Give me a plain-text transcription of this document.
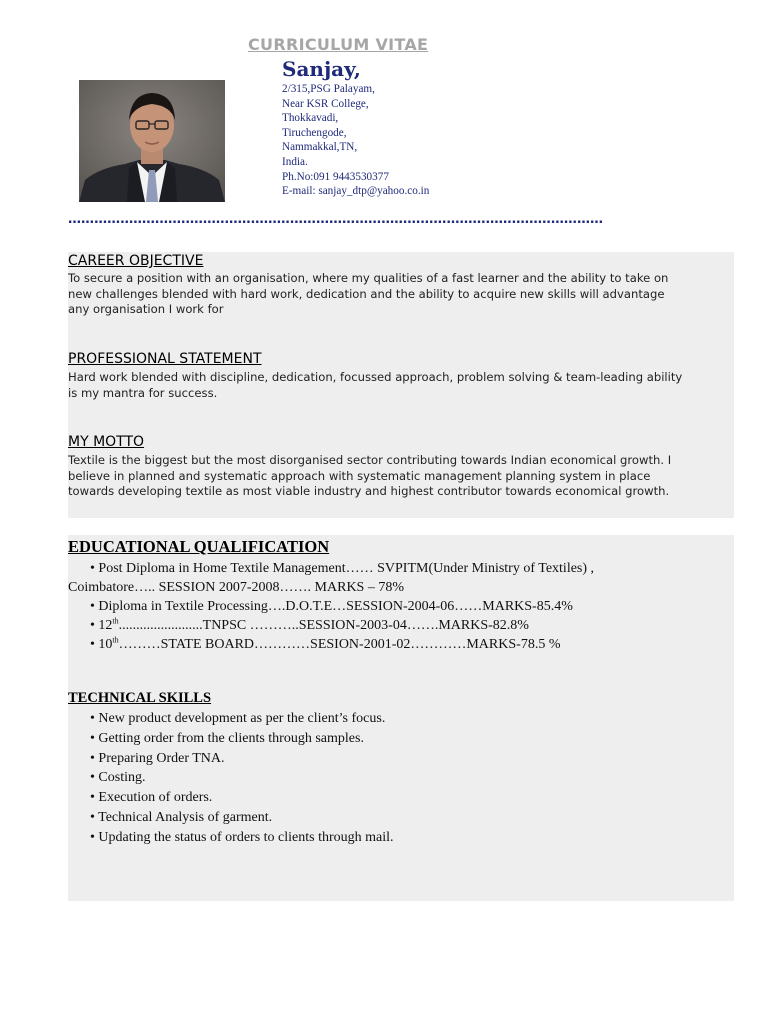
CURRICULUM VITAE
Sanjay,
2/315,PSG Palayam,
Near KSR College,
Thokkavadi,
Tiruchengode,
Nammakkal,TN,
India.
Ph.No:091 9443530377
E-mail: sanjay_dtp@yahoo.co.in
……………………………………………………………………………………………………………
CAREER OBJECTIVE
To secure a position with an organisation, where my qualities of a fast learner and the ability to take on
new challenges blended with hard work, dedication and the ability to acquire new skills will advantage
any organisation I work for
PROFESSIONAL STATEMENT
Hard work blended with discipline, dedication, focussed approach, problem solving & team-leading ability
is my mantra for success.
MY MOTTO
Textile is the biggest but the most disorganised sector contributing towards Indian economical growth. I
believe in planned and systematic approach with systematic management planning system in place
towards developing textile as most viable industry and highest contributor towards economical growth.
EDUCATIONAL QUALIFICATION
• Post Diploma in Home Textile Management…… SVPITM(Under Ministry of Textiles) ,
Coimbatore….. SESSION 2007-2008……. MARKS – 78%
• Diploma in Textile Processing….D.O.T.E…SESSION-2004-06……MARKS-85.4%
• 12th........................TNPSC ………..SESSION-2003-04…….MARKS-82.8%
• 10th………STATE BOARD…………SESION-2001-02…………MARKS-78.5 %
TECHNICAL SKILLS
• New product development as per the client’s focus.
• Getting order from the clients through samples.
• Preparing Order TNA.
• Costing.
• Execution of orders.
• Technical Analysis of garment.
• Updating the status of orders to clients through mail.
